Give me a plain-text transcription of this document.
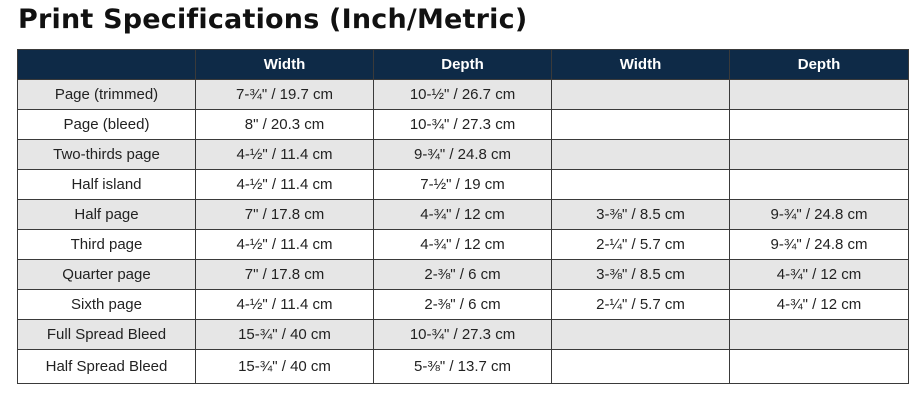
Print Specifications (Inch/Metric)
	Width	Depth	Width	Depth
Page (trimmed)	7-¾" / 19.7 cm	10-½" / 26.7 cm		
Page (bleed)	8" / 20.3 cm	10-¾" / 27.3 cm		
Two-thirds page	4-½" / 11.4 cm	9-¾" / 24.8 cm		
Half island	4-½" / 11.4 cm	7-½" / 19 cm		
Half page	7" / 17.8 cm	4-¾" / 12 cm	3-⅜" / 8.5 cm	9-¾" / 24.8 cm
Third page	4-½" / 11.4 cm	4-¾" / 12 cm	2-¼" / 5.7 cm	9-¾" / 24.8 cm
Quarter page	7" / 17.8 cm	2-⅜" / 6 cm	3-⅜" / 8.5 cm	4-¾" / 12 cm
Sixth page	4-½" / 11.4 cm	2-⅜" / 6 cm	2-¼" / 5.7 cm	4-¾" / 12 cm
Full Spread Bleed	15-¾" / 40 cm	10-¾" / 27.3 cm		
Half Spread Bleed	15-¾" / 40 cm	5-⅜" / 13.7 cm		
